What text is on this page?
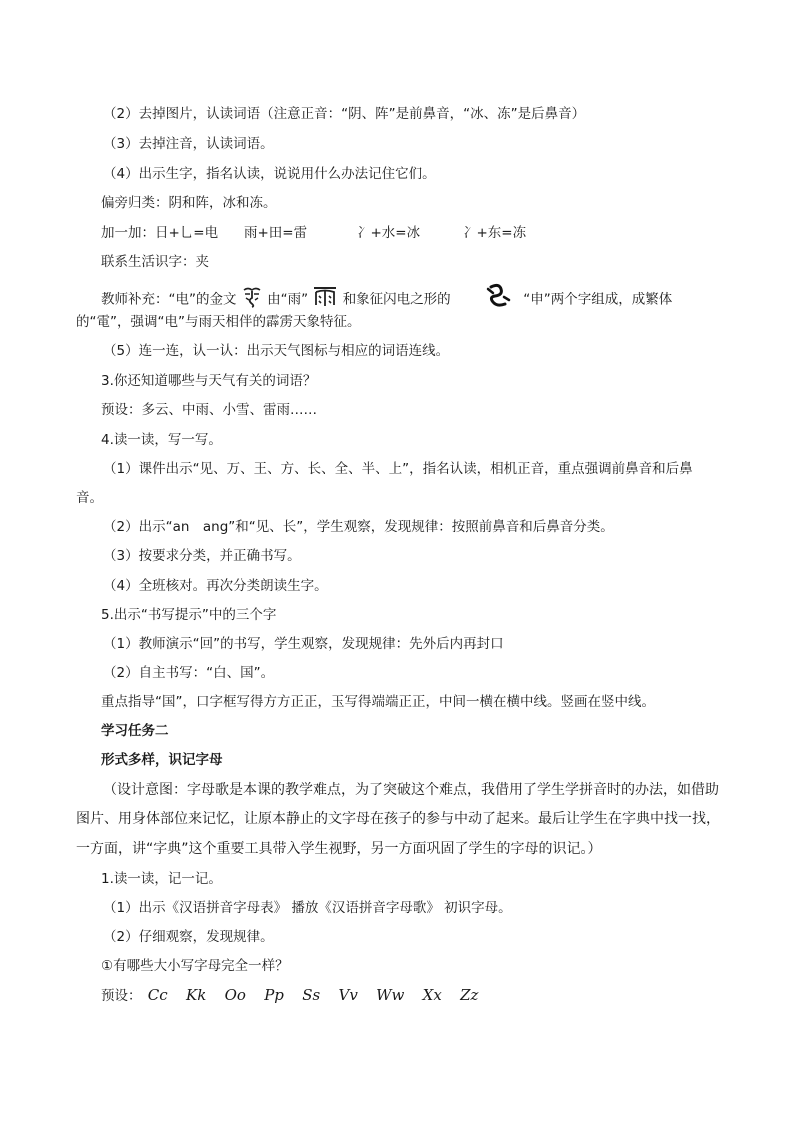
（2）去掉图片，认读词语（注意正音：“阴、阵”是前鼻音，“冰、冻”是后鼻音）
（3）去掉注音，认读词语。
（4）出示生字，指名认读，说说用什么办法记住它们。
偏旁归类：阴和阵，冰和冻。
加一加： 日+乚=电 雨+田=雷	冫+水=冰	冫+东=冻
联系生活识字：夹
教师补充：“电”的金文 由“雨”	和象征闪电之形的	“申”两个字组成，成繁体
的“電”，强调“电”与雨天相伴的霹雳天象特征。
（5）连一连，认一认：出示天气图标与相应的词语连线。
3.你还知道哪些与天气有关的词语？
预设：多云、中雨、小雪、雷雨……
4.读一读，写一写。
（1）课件出示“见、万、王、方、长、全、半、上”，指名认读，相机正音，重点强调前鼻音和后鼻
音。
（2）出示“an　ang”和“见、长”，学生观察，发现规律：按照前鼻音和后鼻音分类。
（3）按要求分类，并正确书写。
（4）全班核对。再次分类朗读生字。
5.出示“书写提示”中的三个字
（1）教师演示“回”的书写，学生观察，发现规律：先外后内再封口
（2）自主书写：“白、国”。
重点指导“国”，口字框写得方方正正，玉写得端端正正，中间一横在横中线。竖画在竖中线。
学习任务二
形式多样，识记字母
（设计意图：字母歌是本课的教学难点，为了突破这个难点，我借用了学生学拼音时的办法，如借助
图片、用身体部位来记忆，让原本静止的文字母在孩子的参与中动了起来。最后让学生在字典中找一找，
一方面，讲“字典”这个重要工具带入学生视野，另一方面巩固了学生的字母的识记。）
1.读一读，记一记。
（1）出示《汉语拼音字母表》 播放《汉语拼音字母歌》 初识字母。
（2）仔细观察，发现规律。
①有哪些大小写字母完全一样？
预设： Cc Kk Oo Pp Ss Vv Ww Xx Zz
